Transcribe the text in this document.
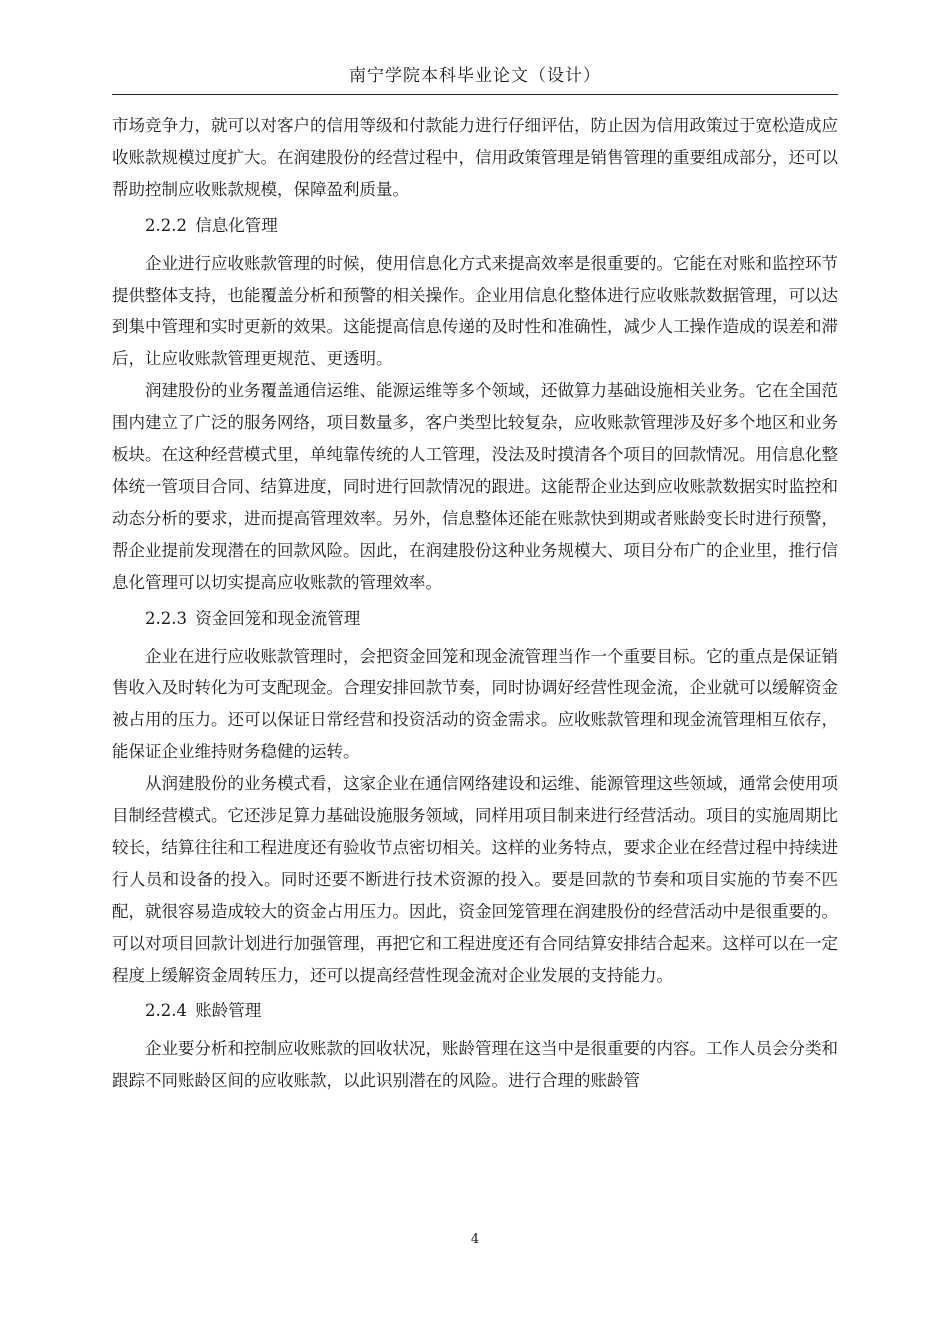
南宁学院本科毕业论文（设计）

市场竞争力，就可以对客户的信用等级和付款能力进行仔细评估，防止因为信用政策过于宽松造成应收账款规模过度扩大。在润建股份的经营过程中，信用政策管理是销售管理的重要组成部分，还可以帮助控制应收账款规模，保障盈利质量。

2.2.2 信息化管理

企业进行应收账款管理的时候，使用信息化方式来提高效率是很重要的。它能在对账和监控环节提供整体支持，也能覆盖分析和预警的相关操作。企业用信息化整体进行应收账款数据管理，可以达到集中管理和实时更新的效果。这能提高信息传递的及时性和准确性，减少人工操作造成的误差和滞后，让应收账款管理更规范、更透明。

润建股份的业务覆盖通信运维、能源运维等多个领域，还做算力基础设施相关业务。它在全国范围内建立了广泛的服务网络，项目数量多，客户类型比较复杂，应收账款管理涉及好多个地区和业务板块。在这种经营模式里，单纯靠传统的人工管理，没法及时摸清各个项目的回款情况。用信息化整体统一管项目合同、结算进度，同时进行回款情况的跟进。这能帮企业达到应收账款数据实时监控和动态分析的要求，进而提高管理效率。另外，信息整体还能在账款快到期或者账龄变长时进行预警，帮企业提前发现潜在的回款风险。因此，在润建股份这种业务规模大、项目分布广的企业里，推行信息化管理可以切实提高应收账款的管理效率。

2.2.3 资金回笼和现金流管理

企业在进行应收账款管理时，会把资金回笼和现金流管理当作一个重要目标。它的重点是保证销售收入及时转化为可支配现金。合理安排回款节奏，同时协调好经营性现金流，企业就可以缓解资金被占用的压力。还可以保证日常经营和投资活动的资金需求。应收账款管理和现金流管理相互依存，能保证企业维持财务稳健的运转。

从润建股份的业务模式看，这家企业在通信网络建设和运维、能源管理这些领域，通常会使用项目制经营模式。它还涉足算力基础设施服务领域，同样用项目制来进行经营活动。项目的实施周期比较长，结算往往和工程进度还有验收节点密切相关。这样的业务特点，要求企业在经营过程中持续进行人员和设备的投入。同时还要不断进行技术资源的投入。要是回款的节奏和项目实施的节奏不匹配，就很容易造成较大的资金占用压力。因此，资金回笼管理在润建股份的经营活动中是很重要的。可以对项目回款计划进行加强管理，再把它和工程进度还有合同结算安排结合起来。这样可以在一定程度上缓解资金周转压力，还可以提高经营性现金流对企业发展的支持能力。

2.2.4 账龄管理

企业要分析和控制应收账款的回收状况，账龄管理在这当中是很重要的内容。工作人员会分类和跟踪不同账龄区间的应收账款，以此识别潜在的风险。进行合理的账龄管

4
